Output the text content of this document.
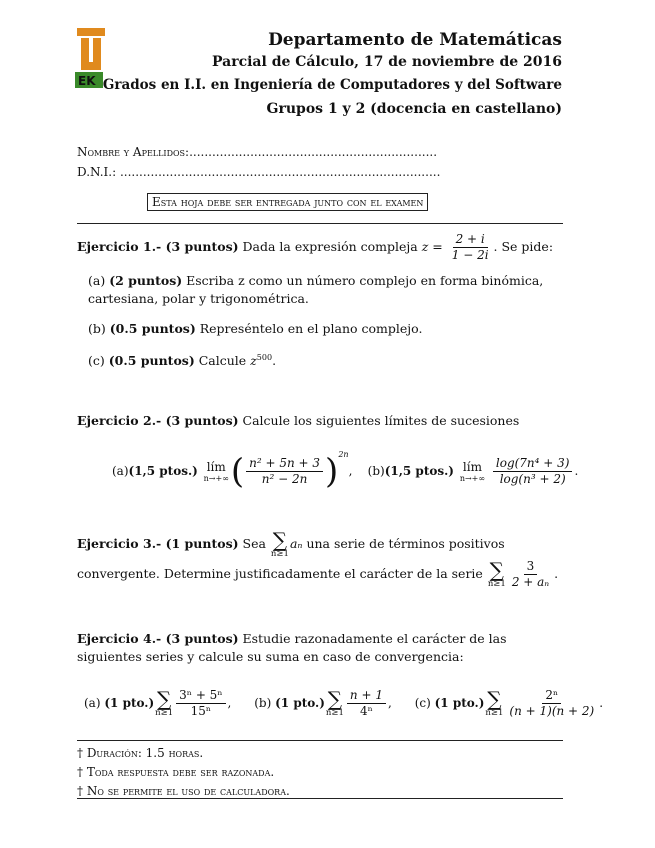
EK
Departamento de Matemáticas
Parcial de Cálculo, 17 de noviembre de 2016
Grados en I.I. en Ingeniería de Computadores y del Software
Grupos 1 y 2 (docencia en castellano)
Nombre y Apellidos:.................................................................
D.N.I.: ....................................................................................
Esta hoja debe ser entregada junto con el examen
Ejercicio 1.- (3 puntos) Dada la expresión compleja $z = \frac{2 + i}{1 - 2i}$ . Se pide:
(a) (2 puntos) Escriba z como un número complejo en forma binómica, cartesiana, polar y trigonométrica.
(b) (0.5 puntos) Represéntelo en el plano complejo.
(c) (0.5 puntos) Calcule $z^{500}$.
Ejercicio 2.- (3 puntos) Calcule los siguientes límites de sucesiones
(a)(1,5 ptos.) lím
n→+∞ ( $\frac{\text{n² + 5n + 3}}{\text{n² − 2n}} )^{2n}$, (b)(1,5 ptos.) lím
n→+∞
$\frac{\text{log(7n⁴ + 3)}}{\text{log(n³ + 2)}}$ .
Ejercicio 3.- (1 puntos) Sea ∑
n≥1
aₙ una serie de términos positivos convergente. Determine justificadamente el carácter de la serie ∑
$n\ge 1 \frac{3}{\text{2 + aₙ}}$ .
Ejercicio 4.- (3 puntos) Estudie razonadamente el carácter de las siguientes series y calcule su suma en caso de convergencia:
(a) (1 pto.) ∑
$n\ge 1 \frac{\text{3ⁿ + 5ⁿ}}{\text{15ⁿ}}$ , (b) (1 pto.) ∑
$n\ge 1 \frac{n + 1}{\text{4ⁿ}}$ , (c) (1 pto.) ∑
$n\ge 1 \frac{\text{2ⁿ}}{(n + 1)(n + 2)}$ .
† Duración: 1.5 horas.
† Toda respuesta debe ser razonada.
† No se permite el uso de calculadora.
